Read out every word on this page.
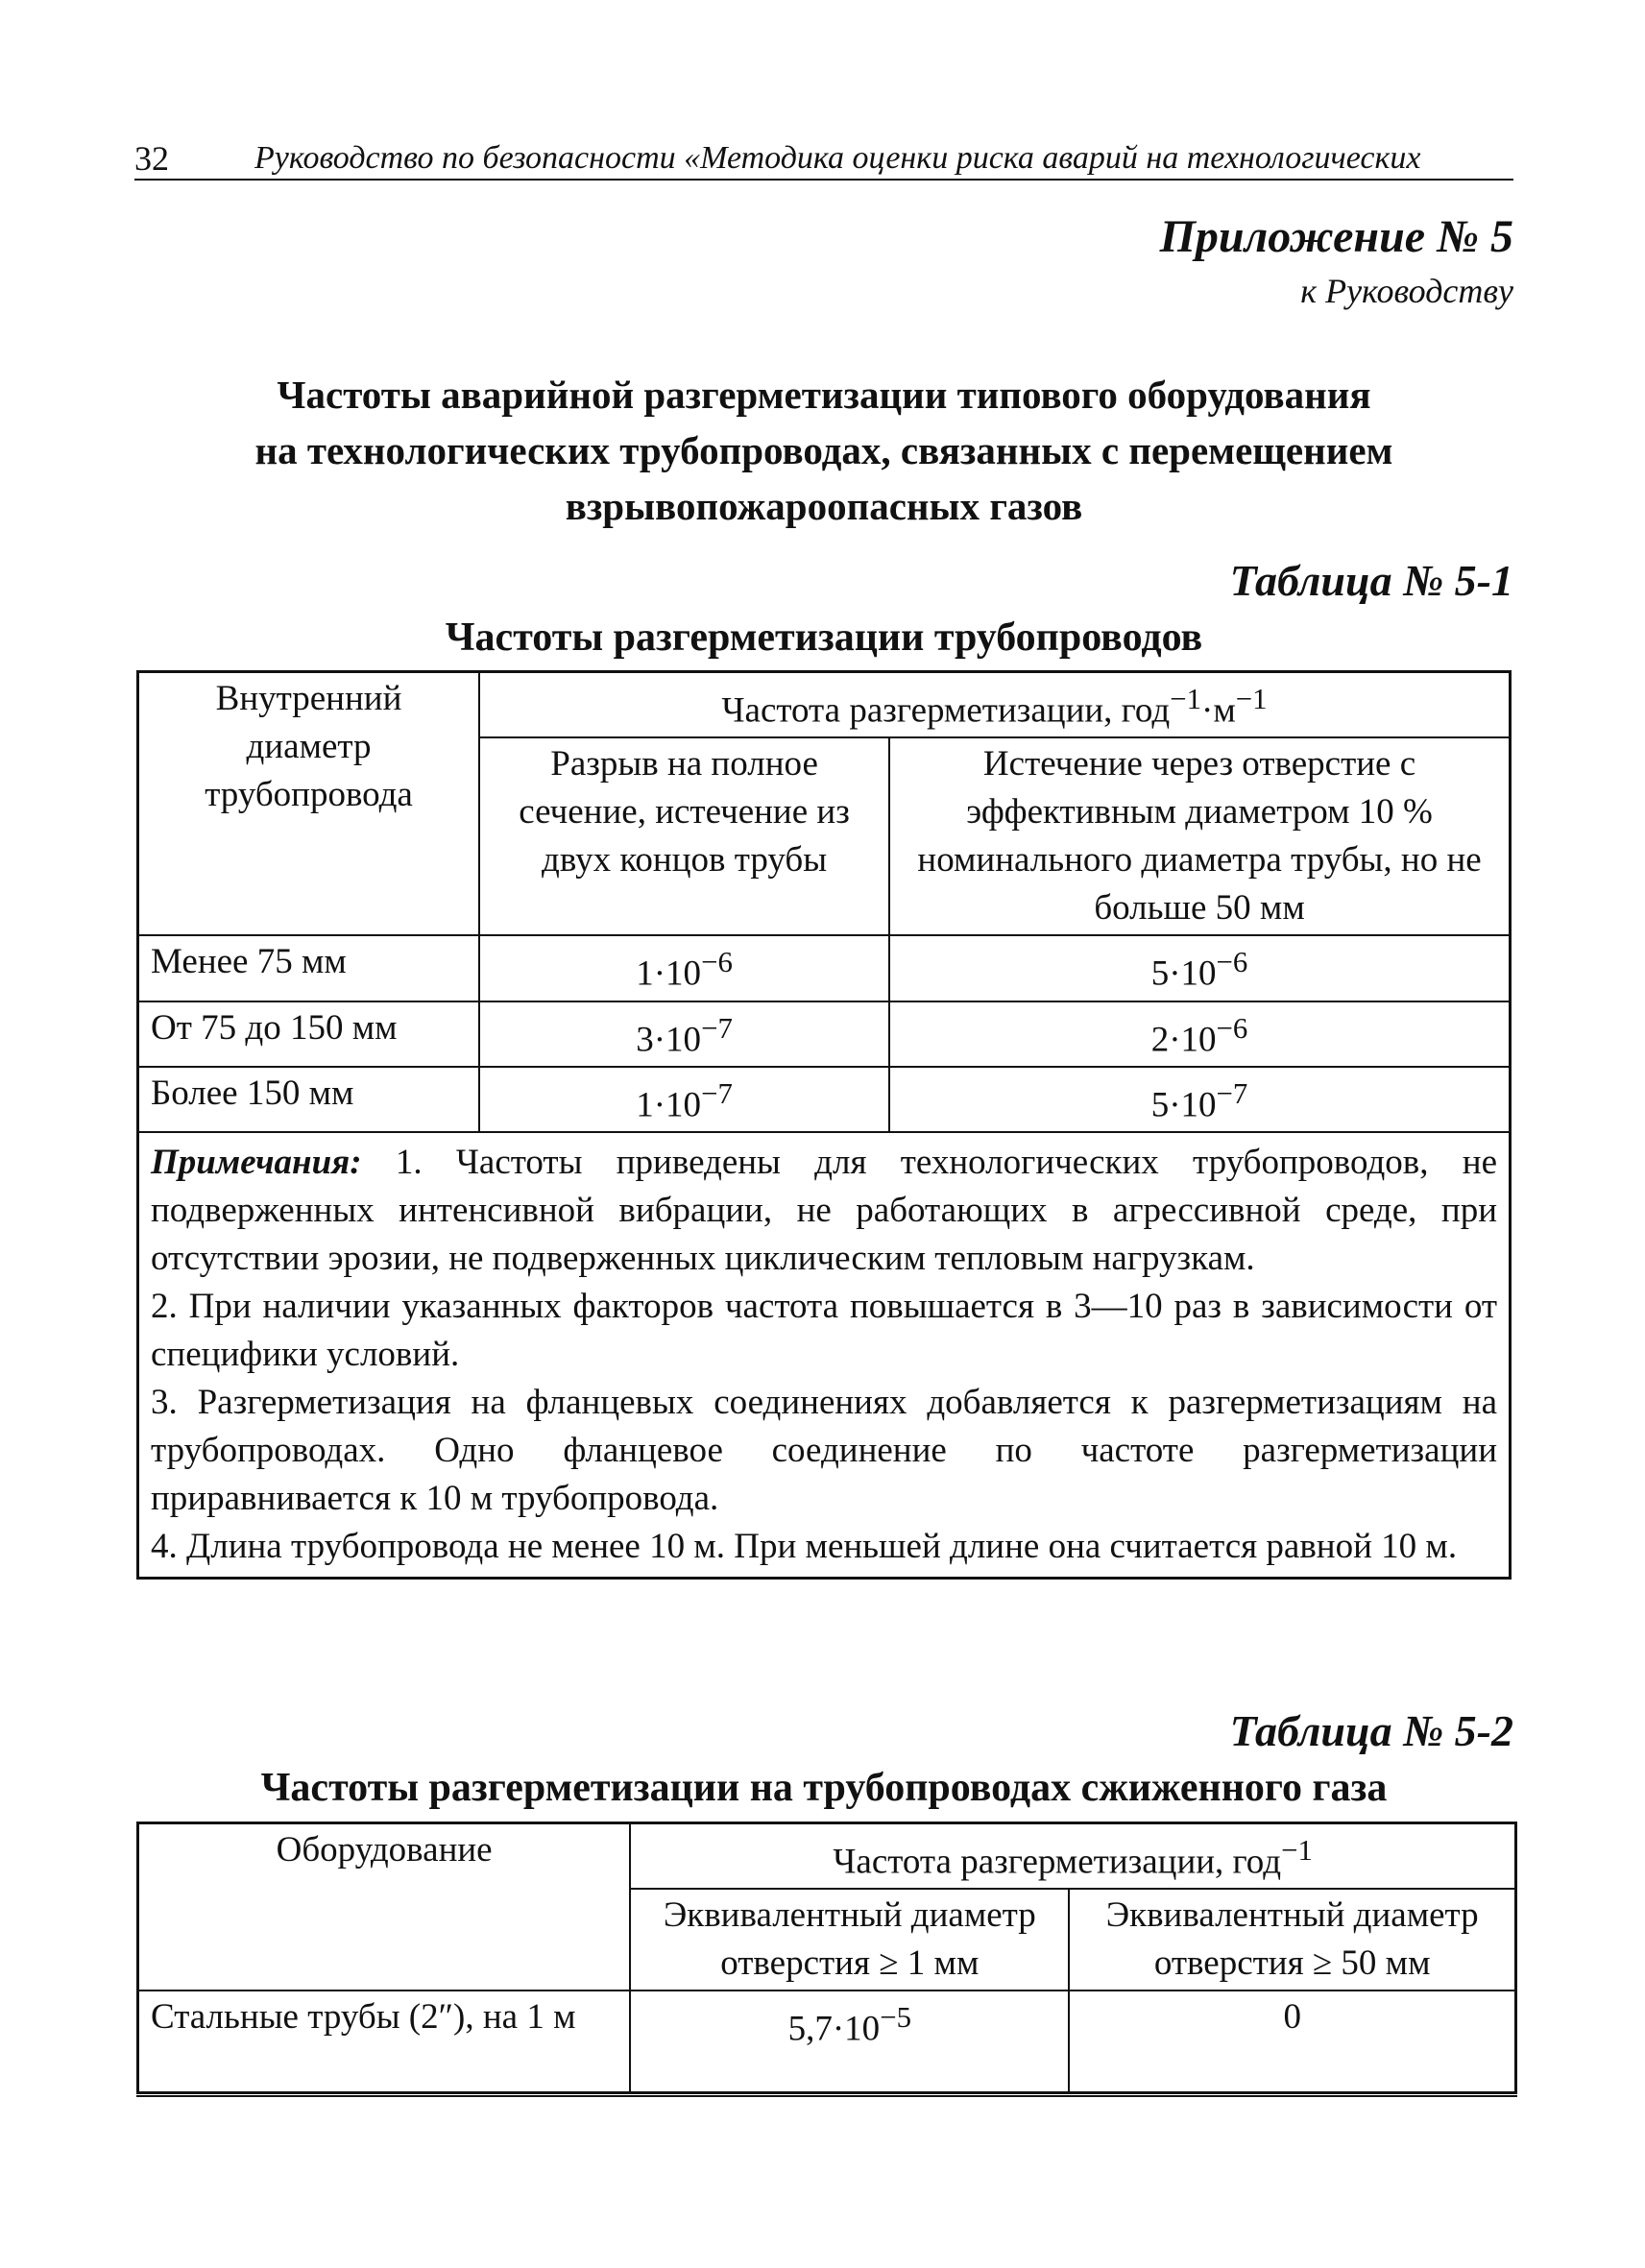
32	Руководство по безопасности «Методика оценки риска аварий на технологических
Приложение № 5
к Руководству
Частоты аварийной разгерметизации типового оборудования
на технологических трубопроводах, связанных с перемещением
взрывопожароопасных газов
Таблица № 5-1
Частоты разгерметизации трубопроводов
Внутренний диаметр трубопровода	Частота разгерметизации, $год^{-1}\cdot м^{-1}$
	Разрыв на полное сечение, истечение из двух концов трубы	Истечение через отверстие с эффективным диаметром 10 % номинального диаметра трубы, но не больше 50 мм
Менее 75 мм	$1\cdot 10^{-6}$	$5\cdot 10^{-6}$
От 75 до 150 мм	$3\cdot 10^{-7}$	$2\cdot 10^{-6}$
Более 150 мм	$1\cdot 10^{-7}$	$5\cdot 10^{-7}$

Примечания: 1. Частоты приведены для технологических трубопроводов, не подверженных интенсивной вибрации, не работающих в агрессивной среде, при отсутствии эрозии, не подверженных циклическим тепловым нагрузкам.

2. При наличии указанных факторов частота повышается в 3—10 раз в зависимости от специфики условий.

3. Разгерметизация на фланцевых соединениях добавляется к разгерметизациям на трубопроводах. Одно фланцевое соединение по частоте разгерметизации приравнивается к 10 м трубопровода.

4. Длина трубопровода не менее 10 м. При меньшей длине она считается равной 10 м.		

Таблица № 5-2
Частоты разгерметизации на трубопроводах сжиженного газа
Оборудование	Частота разгерметизации, год$^{-1}$
	Эквивалентный диаметр отверстия ≥ 1 мм	Эквивалентный диаметр отверстия ≥ 50 мм
Стальные трубы (2″), на 1 м	$5,7\cdot 10^{-5}$	0
